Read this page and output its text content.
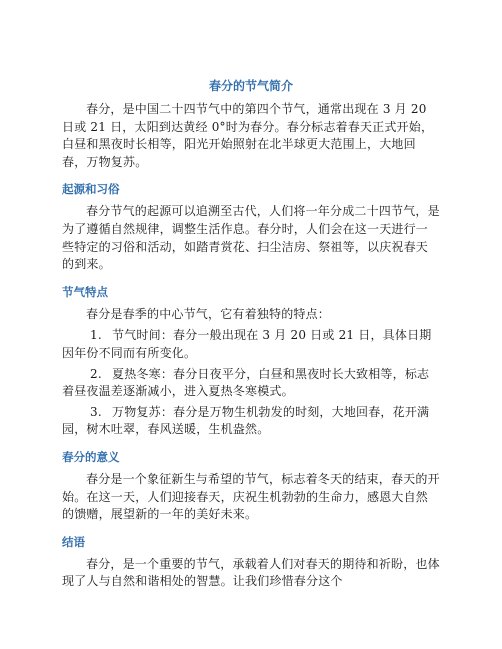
春分的节气简介

春分，是中国二十四节气中的第四个节气，通常出现在 3 月 20 日或 21 日，太阳到达黄经 0°时为春分。春分标志着春天正式开始，白昼和黑夜时长相等，阳光开始照射在北半球更大范围上，大地回春，万物复苏。

起源和习俗

春分节气的起源可以追溯至古代，人们将一年分成二十四节气，是为了遵循自然规律，调整生活作息。春分时，人们会在这一天进行一些特定的习俗和活动，如踏青赏花、扫尘洁房、祭祖等，以庆祝春天的到来。

节气特点

春分是春季的中心节气，它有着独特的特点：

1. 节气时间：春分一般出现在 3 月 20 日或 21 日，具体日期因年份不同而有所变化。
2. 夏热冬寒：春分日夜平分，白昼和黑夜时长大致相等，标志着昼夜温差逐渐减小，进入夏热冬寒模式。
3. 万物复苏：春分是万物生机勃发的时刻，大地回春，花开满园，树木吐翠，春风送暖，生机盎然。
春分的意义

春分是一个象征新生与希望的节气，标志着冬天的结束，春天的开始。在这一天，人们迎接春天，庆祝生机勃勃的生命力，感恩大自然的馈赠，展望新的一年的美好未来。

结语

春分，是一个重要的节气，承载着人们对春天的期待和祈盼，也体现了人与自然和谐相处的智慧。让我们珍惜春分这个
